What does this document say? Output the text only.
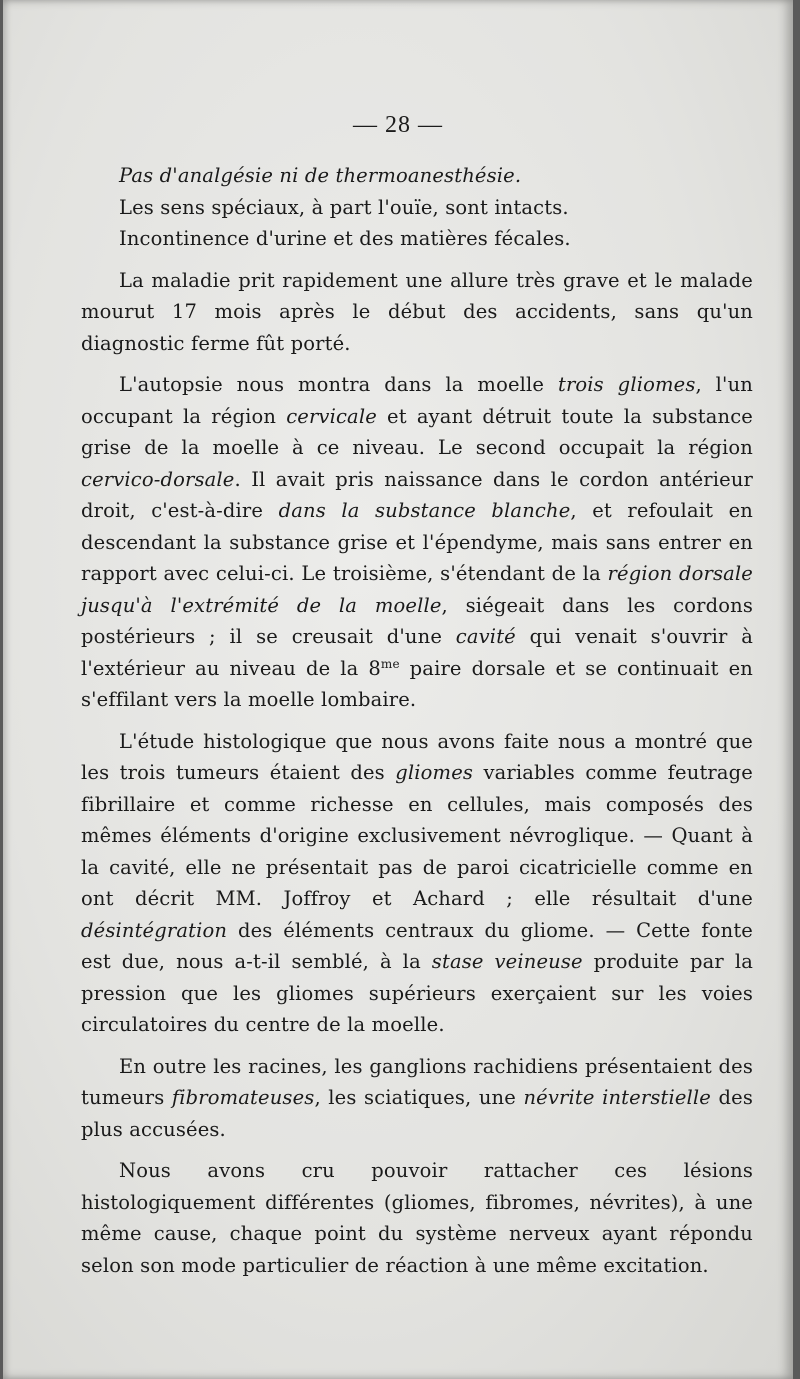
— 28 —

Pas d'analgésie ni de thermoanesthésie.

Les sens spéciaux, à part l'ouïe, sont intacts.

Incontinence d'urine et des matières fécales.

La maladie prit rapidement une allure très grave et le malade mourut 17 mois après le début des accidents, sans qu'un diagnostic ferme fût porté.

L'autopsie nous montra dans la moelle trois gliomes, l'un occupant la région cervicale et ayant détruit toute la substance grise de la moelle à ce niveau. Le second occupait la région cervico-dorsale. Il avait pris naissance dans le cordon antérieur droit, c'est-à-dire dans la substance blanche, et refoulait en descendant la substance grise et l'épendyme, mais sans entrer en rapport avec celui-ci. Le troisième, s'étendant de la région dorsale jusqu'à l'extrémité de la moelle, siégeait dans les cordons postérieurs ; il se creusait d'une cavité qui venait s'ouvrir à l'extérieur au niveau de la $8^{me}$ paire dorsale et se continuait en s'effilant vers la moelle lombaire.

L'étude histologique que nous avons faite nous a montré que les trois tumeurs étaient des gliomes variables comme feutrage fibrillaire et comme richesse en cellules, mais composés des mêmes éléments d'origine exclusivement névroglique. — Quant à la cavité, elle ne présentait pas de paroi cicatricielle comme en ont décrit MM. Joffroy et Achard ; elle résultait d'une désintégration des éléments centraux du gliome. — Cette fonte est due, nous a-t-il semblé, à la stase veineuse produite par la pression que les gliomes supérieurs exerçaient sur les voies circulatoires du centre de la moelle.

En outre les racines, les ganglions rachidiens présentaient des tumeurs fibromateuses, les sciatiques, une névrite interstielle des plus accusées.

Nous avons cru pouvoir rattacher ces lésions histologiquement différentes (gliomes, fibromes, névrites), à une même cause, chaque point du système nerveux ayant répondu selon son mode particulier de réaction à une même excitation.
